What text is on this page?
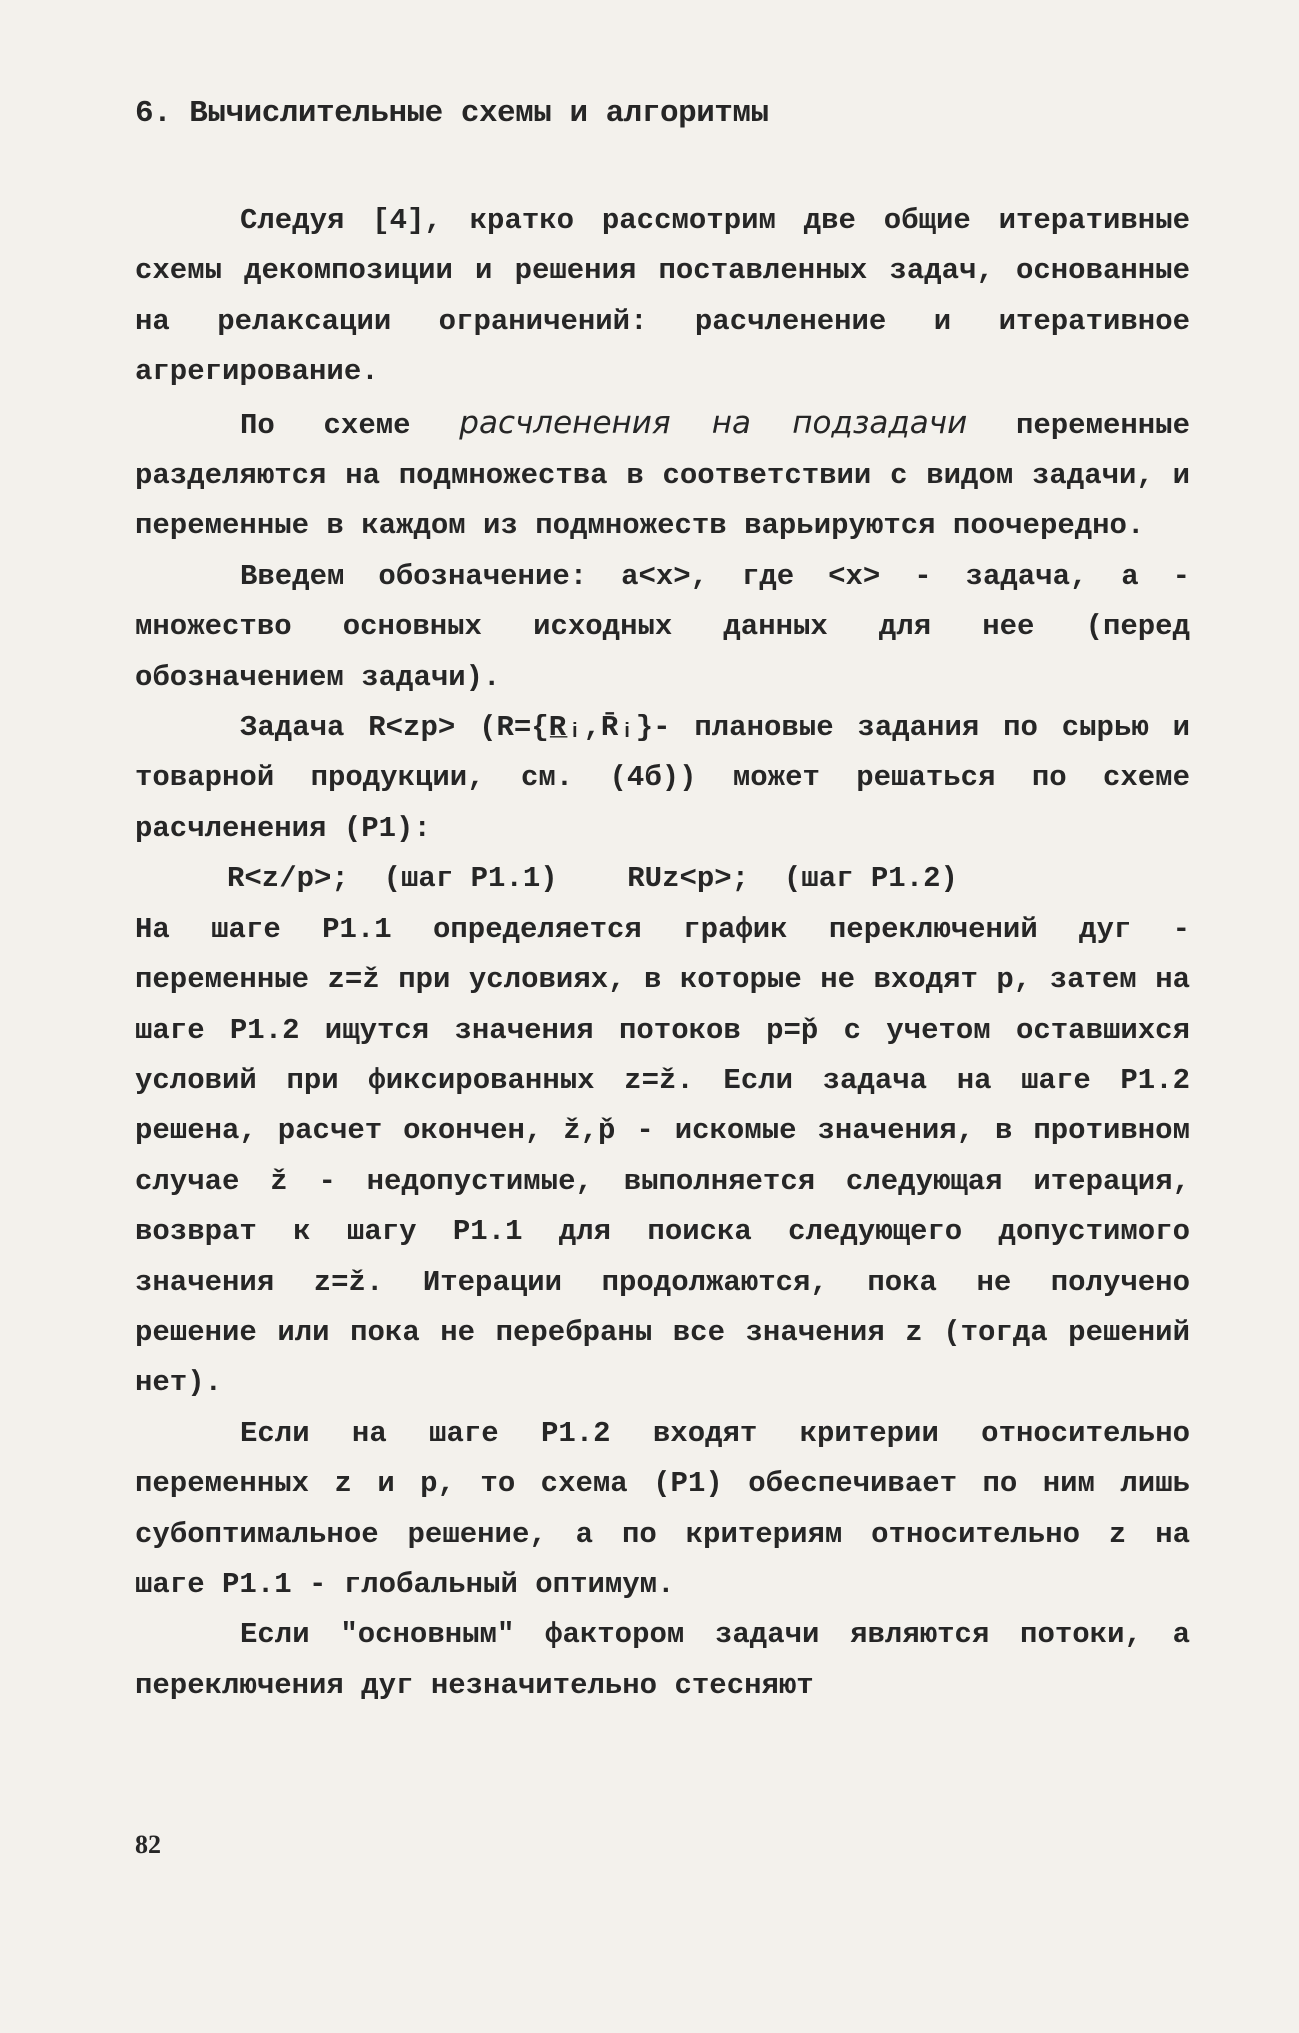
6. Вычислительные схемы и алгоритмы

Следуя [4], кратко рассмотрим две общие итеративные схемы декомпозиции и решения поставленных задач, основанные на релаксации ограничений: расчленение и итеративное агрегирование.

По схеме расчленения на подзадачи переменные разделяются на подмножества в соответствии с видом задачи, и переменные в каждом из подмножеств варьируются поочередно.

Введем обозначение: a<x>, где <x> - задача, а - множество основных исходных данных для нее (перед обозначением задачи).

Задача R<zp> (R={R̲ᵢ,R̄ᵢ}- плановые задания по сырью и товарной продукции, см. (4б)) может решаться по схеме расчленения (P1):

R<z/p>;  (шаг P1.1)    RUz<p>;  (шаг P1.2)

На шаге P1.1 определяется график переключений дуг - переменные z=ž при условиях, в которые не входят p, затем на шаге P1.2 ищутся значения потоков p=p̌ с учетом оставшихся условий при фиксированных z=ž. Если задача на шаге P1.2 решена, расчет окончен, ž,p̌ - искомые значения, в противном случае ž - недопустимые, выполняется следующая итерация, возврат к шагу P1.1 для поиска следующего допустимого значения z=ž. Итерации продолжаются, пока не получено решение или пока не перебраны все значения z (тогда решений нет).

Если на шаге P1.2 входят критерии относительно переменных z и p, то схема (P1) обеспечивает по ним лишь субоптимальное решение, а по критериям относительно z на шаге P1.1 - глобальный оптимум.

Если "основным" фактором задачи являются потоки, а переключения дуг незначительно стесняют

82
